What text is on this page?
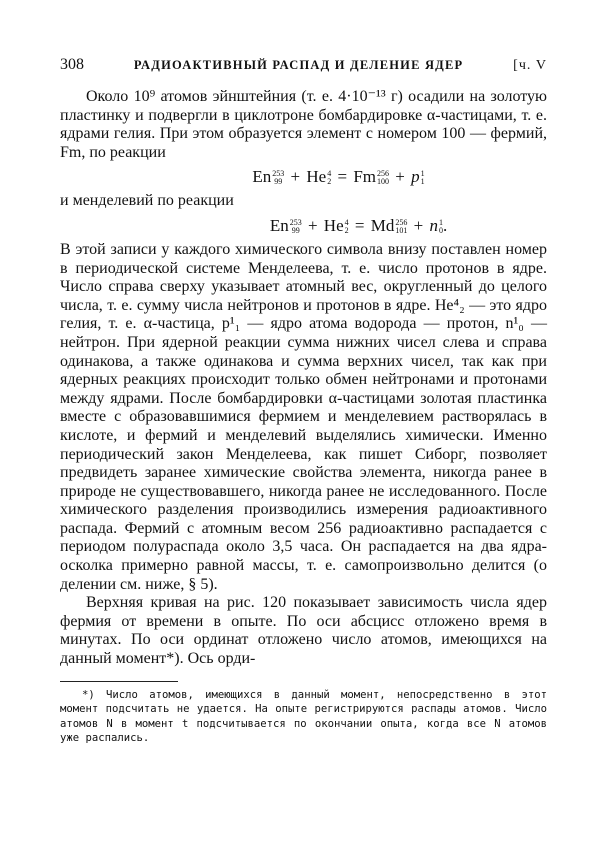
308	РАДИОАКТИВНЫЙ РАСПАД И ДЕЛЕНИЕ ЯДЕР	[ч. V

Около 10⁹ атомов эйнштейния (т. е. 4·10⁻¹³ г) осадили на золотую пластинку и подвергли в циклотроне бомбардировке α-частицами, т. е. ядрами гелия. При этом образуется элемент с номером 100 — фермий, Fm, по реакции

En 253
99 + He 4
2 = Fm 256
100 + p 1
1

и менделевий по реакции

En 253
99 + He 4
2 = Md 256
101 + n 1
0 .

В этой записи у каждого химического символа внизу поставлен номер в периодической системе Менделеева, т. е. число протонов в ядре. Число справа сверху указывает атомный вес, округленный до целого числа, т. е. сумму числа нейтронов и протонов в ядре. He⁴₂ — это ядро гелия, т. е. α-частица, p¹₁ — ядро атома водорода — протон, n¹₀ — нейтрон. При ядерной реакции сумма нижних чисел слева и справа одинакова, а также одинакова и сумма верхних чисел, так как при ядерных реакциях происходит только обмен нейтронами и протонами между ядрами. После бомбардировки α-частицами золотая пластинка вместе с образовавшимися фермием и менделевием растворялась в кислоте, и фермий и менделевий выделялись химически. Именно периодический закон Менделеева, как пишет Сиборг, позволяет предвидеть заранее химические свойства элемента, никогда ранее в природе не существовавшего, никогда ранее не исследованного. После химического разделения производились измерения радиоактивного распада. Фермий с атомным весом 256 радиоактивно распадается с периодом полураспада около 3,5 часа. Он распадается на два ядра-осколка примерно равной массы, т. е. самопроизвольно делится (о делении см. ниже, § 5).

Верхняя кривая на рис. 120 показывает зависимость числа ядер фермия от времени в опыте. По оси абсцисс отложено время в минутах. По оси ординат отложено число атомов, имеющихся на данный момент*). Ось орди-

*) Число атомов, имеющихся в данный момент, непосредственно в этот момент подсчитать не удается. На опыте регистрируются распады атомов. Число атомов N в момент t подсчитывается по окончании опыта, когда все N атомов уже распались.
